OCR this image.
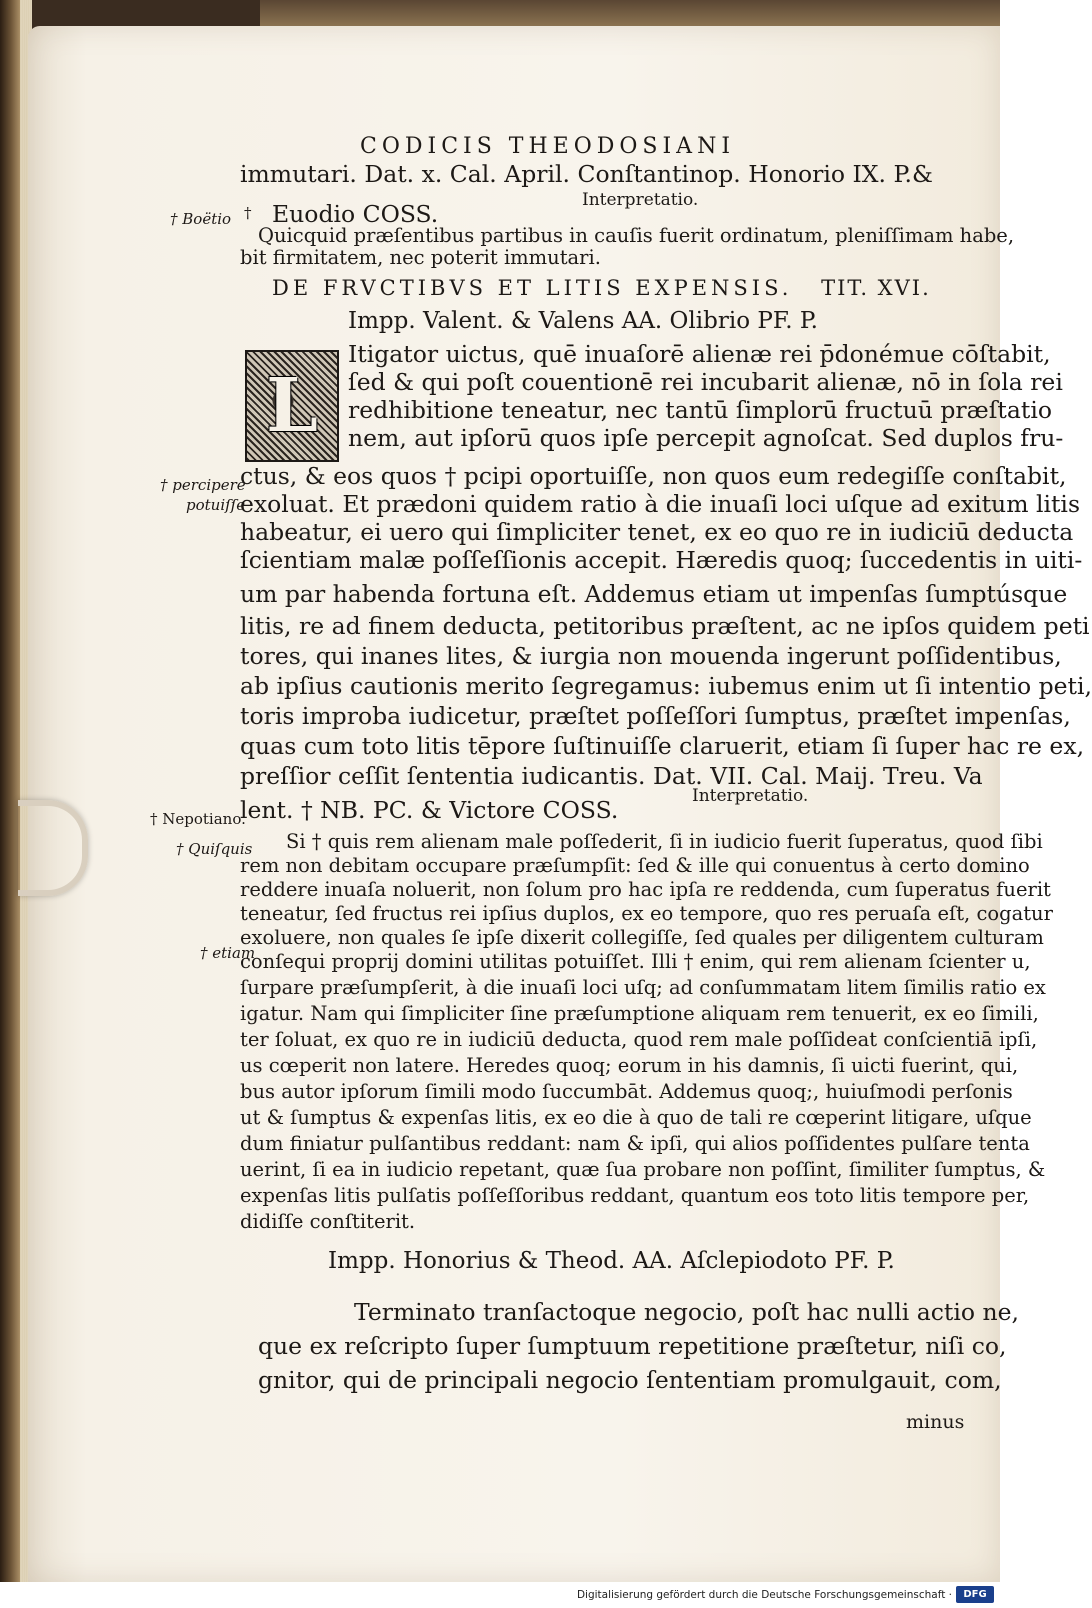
CODICIS THEODOSIANI
immutari. Dat. x. Cal. April. Conſtantinop. Honorio IX. P.&
Interpretatio.
Euodio COSS.
† Boëtio †
Quicquid præſentibus partibus in cauſis fuerit ordinatum, pleniſſimam habe,
bit firmitatem, nec poterit immutari.
DE FRVCTIBVS ET LITIS EXPENSIS. TIT. XVI.
Impp. Valent. & Valens AA. Olibrio PF. P.
L
Itigator uictus, quē inuaſorē alienæ rei p̄donémue cōſtabit,
ſed & qui poſt couentionē rei incubarit alienæ, nō in ſola rei
redhibitione teneatur, nec tantū ſimplorū fructuū præſtatio
nem, aut ipſorū quos ipſe percepit agnoſcat. Sed duplos fru-
ctus, & eos quos † pcipi oportuiſſe, non quos eum redegiſſe conſtabit,
exoluat. Et prædoni quidem ratio à die inuaſi loci uſque ad exitum litis
habeatur, ei uero qui ſimpliciter tenet, ex eo quo re in iudiciū deducta
ſcientiam malæ poſſeſſionis accepit. Hæredis quoq; ſuccedentis in uiti-
um par habenda fortuna eſt. Addemus etiam ut impenſas ſumptúsque
litis, re ad finem deducta, petitoribus præſtent, ac ne ipſos quidem peti
tores, qui inanes lites, & iurgia non mouenda ingerunt poſſidentibus,
ab ipſius cautionis merito ſegregamus: iubemus enim ut ſi intentio peti,
toris improba iudicetur, præſtet poſſeſſori ſumptus, præſtet impenſas,
quas cum toto litis tēpore ſuſtinuiſſe claruerit, etiam ſi ſuper hac re ex,
preſſior ceſſit ſententia iudicantis. Dat. VII. Cal. Maij. Treu. Va
lent. † NB. PC. & Victore COSS.	Interpretatio.
† percipere
potuiſſe
† Nepotiano.
† Quiſquis
† etiam
Si † quis rem alienam male poſſederit, ſi in iudicio fuerit ſuperatus, quod ſibi
rem non debitam occupare præſumpſit: ſed & ille qui conuentus à certo domino
reddere inuaſa noluerit, non ſolum pro hac ipſa re reddenda, cum ſuperatus fuerit
teneatur, ſed fructus rei ipſius duplos, ex eo tempore, quo res peruaſa eſt, cogatur
exoluere, non quales ſe ipſe dixerit collegiſſe, ſed quales per diligentem culturam
conſequi proprij domini utilitas potuiſſet. Illi † enim, qui rem alienam ſcienter u,
ſurpare præſumpſerit, à die inuaſi loci uſq; ad conſummatam litem ſimilis ratio ex
igatur. Nam qui ſimpliciter ſine præſumptione aliquam rem tenuerit, ex eo ſimili,
ter ſoluat, ex quo re in iudiciū deducta, quod rem male poſſideat conſcientiā ipſi,
us cœperit non latere. Heredes quoq; eorum in his damnis, ſi uicti fuerint, qui,
bus autor ipſorum ſimili modo ſuccumbāt. Addemus quoq;, huiuſmodi perſonis
ut & ſumptus & expenſas litis, ex eo die à quo de tali re cœperint litigare, uſque
dum finiatur pulſantibus reddant: nam & ipſi, qui alios poſſidentes pulſare tenta
uerint, ſi ea in iudicio repetant, quæ ſua probare non poſſint, ſimiliter ſumptus, &
expenſas litis pulſatis poſſeſſoribus reddant, quantum eos toto litis tempore per,
didiſſe conſtiterit.
Impp. Honorius & Theod. AA. Aſclepiodoto PF. P.
Terminato tranſactoque negocio, poſt hac nulli actio ne,
que ex reſcripto ſuper ſumptuum repetitione præſtetur, niſi co,
gnitor, qui de principali negocio ſententiam promulgauit, com,
minus
Digitalisierung gefördert durch die Deutsche Forschungsgemeinschaft ·	DFG
